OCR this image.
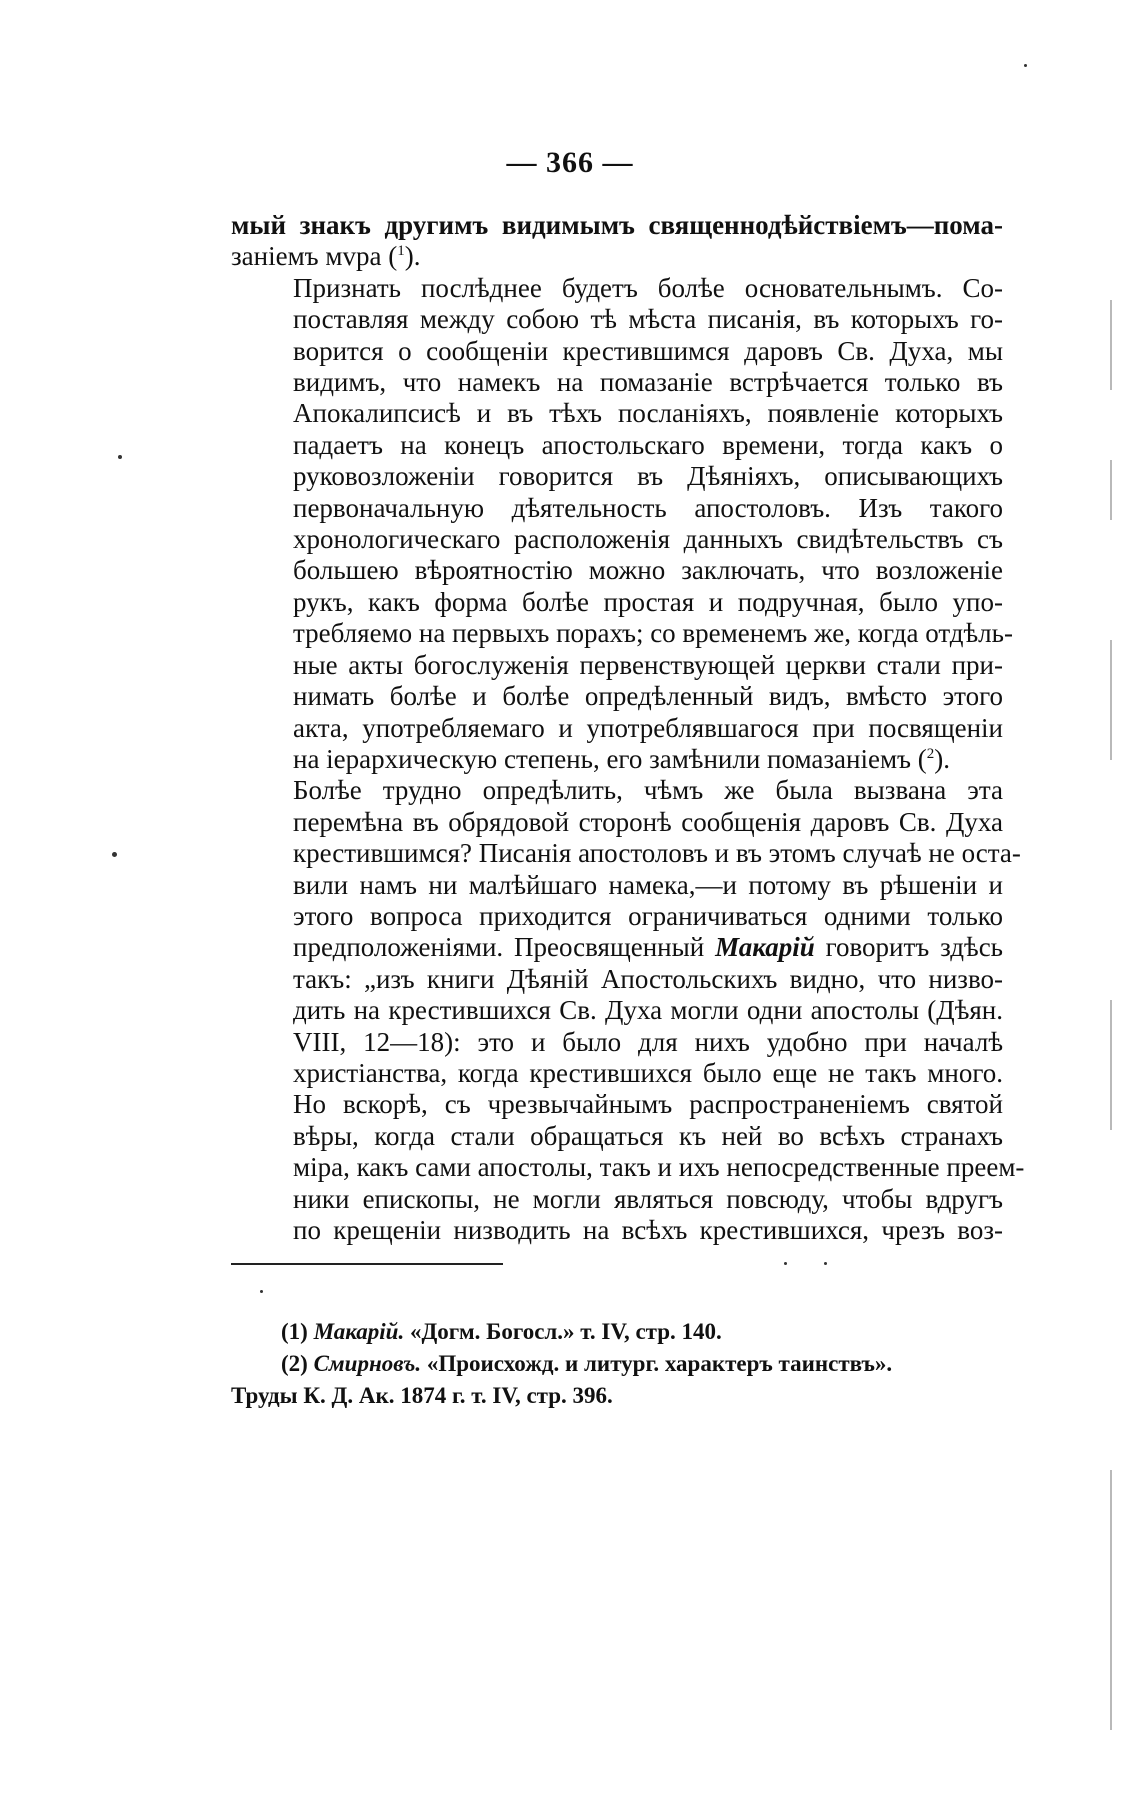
— 366 —

мый знакъ другимъ видимымъ священнодѣйствіемъ—пома-
заніемъ мvра ($^1$).

Признать послѣднее будетъ болѣе основательнымъ. Со-
поставляя между собою тѣ мѣста писанія, въ которыхъ го-
ворится о сообщеніи крестившимся даровъ Св. Духа, мы
видимъ, что намекъ на помазаніе встрѣчается только въ
Апокалипсисѣ и въ тѣхъ посланіяхъ, появленіе которыхъ
падаетъ на конецъ апостольскаго времени, тогда какъ о
руковозложеніи говорится въ Дѣяніяхъ, описывающихъ
первоначальную дѣятельность апостоловъ. Изъ такого
хронологическаго расположенія данныхъ свидѣтельствъ съ
большею вѣроятностію можно заключать, что возложеніе
рукъ, какъ форма болѣе простая и подручная, было упо-
требляемо на первыхъ порахъ; со временемъ же, когда отдѣль-
ные акты богослуженія первенствующей церкви стали при-
нимать болѣе и болѣе опредѣленный видъ, вмѣсто этого
акта, употребляемаго и употреблявшагося при посвященіи
на іерархическую степень, его замѣнили помазаніемъ ($^2$).

Болѣе трудно опредѣлить, чѣмъ же была вызвана эта
перемѣна въ обрядовой сторонѣ сообщенія даровъ Св. Духа
крестившимся? Писанія апостоловъ и въ этомъ случаѣ не оста-
вили намъ ни малѣйшаго намека,—и потому въ рѣшеніи и
этого вопроса приходится ограничиваться одними только
предположеніями. Преосвященный Макарій говоритъ здѣсь
такъ: „изъ книги Дѣяній Апостольскихъ видно, что низво-
дить на крестившихся Св. Духа могли одни апостолы (Дѣян.
VIII, 12—18): это и было для нихъ удобно при началѣ
христіанства, когда крестившихся было еще не такъ много.
Но вскорѣ, съ чрезвычайнымъ распространеніемъ святой
вѣры, когда стали обращаться къ ней во всѣхъ странахъ
міра, какъ сами апостолы, такъ и ихъ непосредственные преем-
ники епископы, не могли являться повсюду, чтобы вдругъ
по крещеніи низводить на всѣхъ крестившихся, чрезъ воз-

(1) Макарій. «Догм. Богосл.» т. IV, стр. 140.

(2) Смирновъ. «Происхожд. и литург. характеръ таинствъ».

Труды К. Д. Ак. 1874 г. т. IV, стр. 396.
